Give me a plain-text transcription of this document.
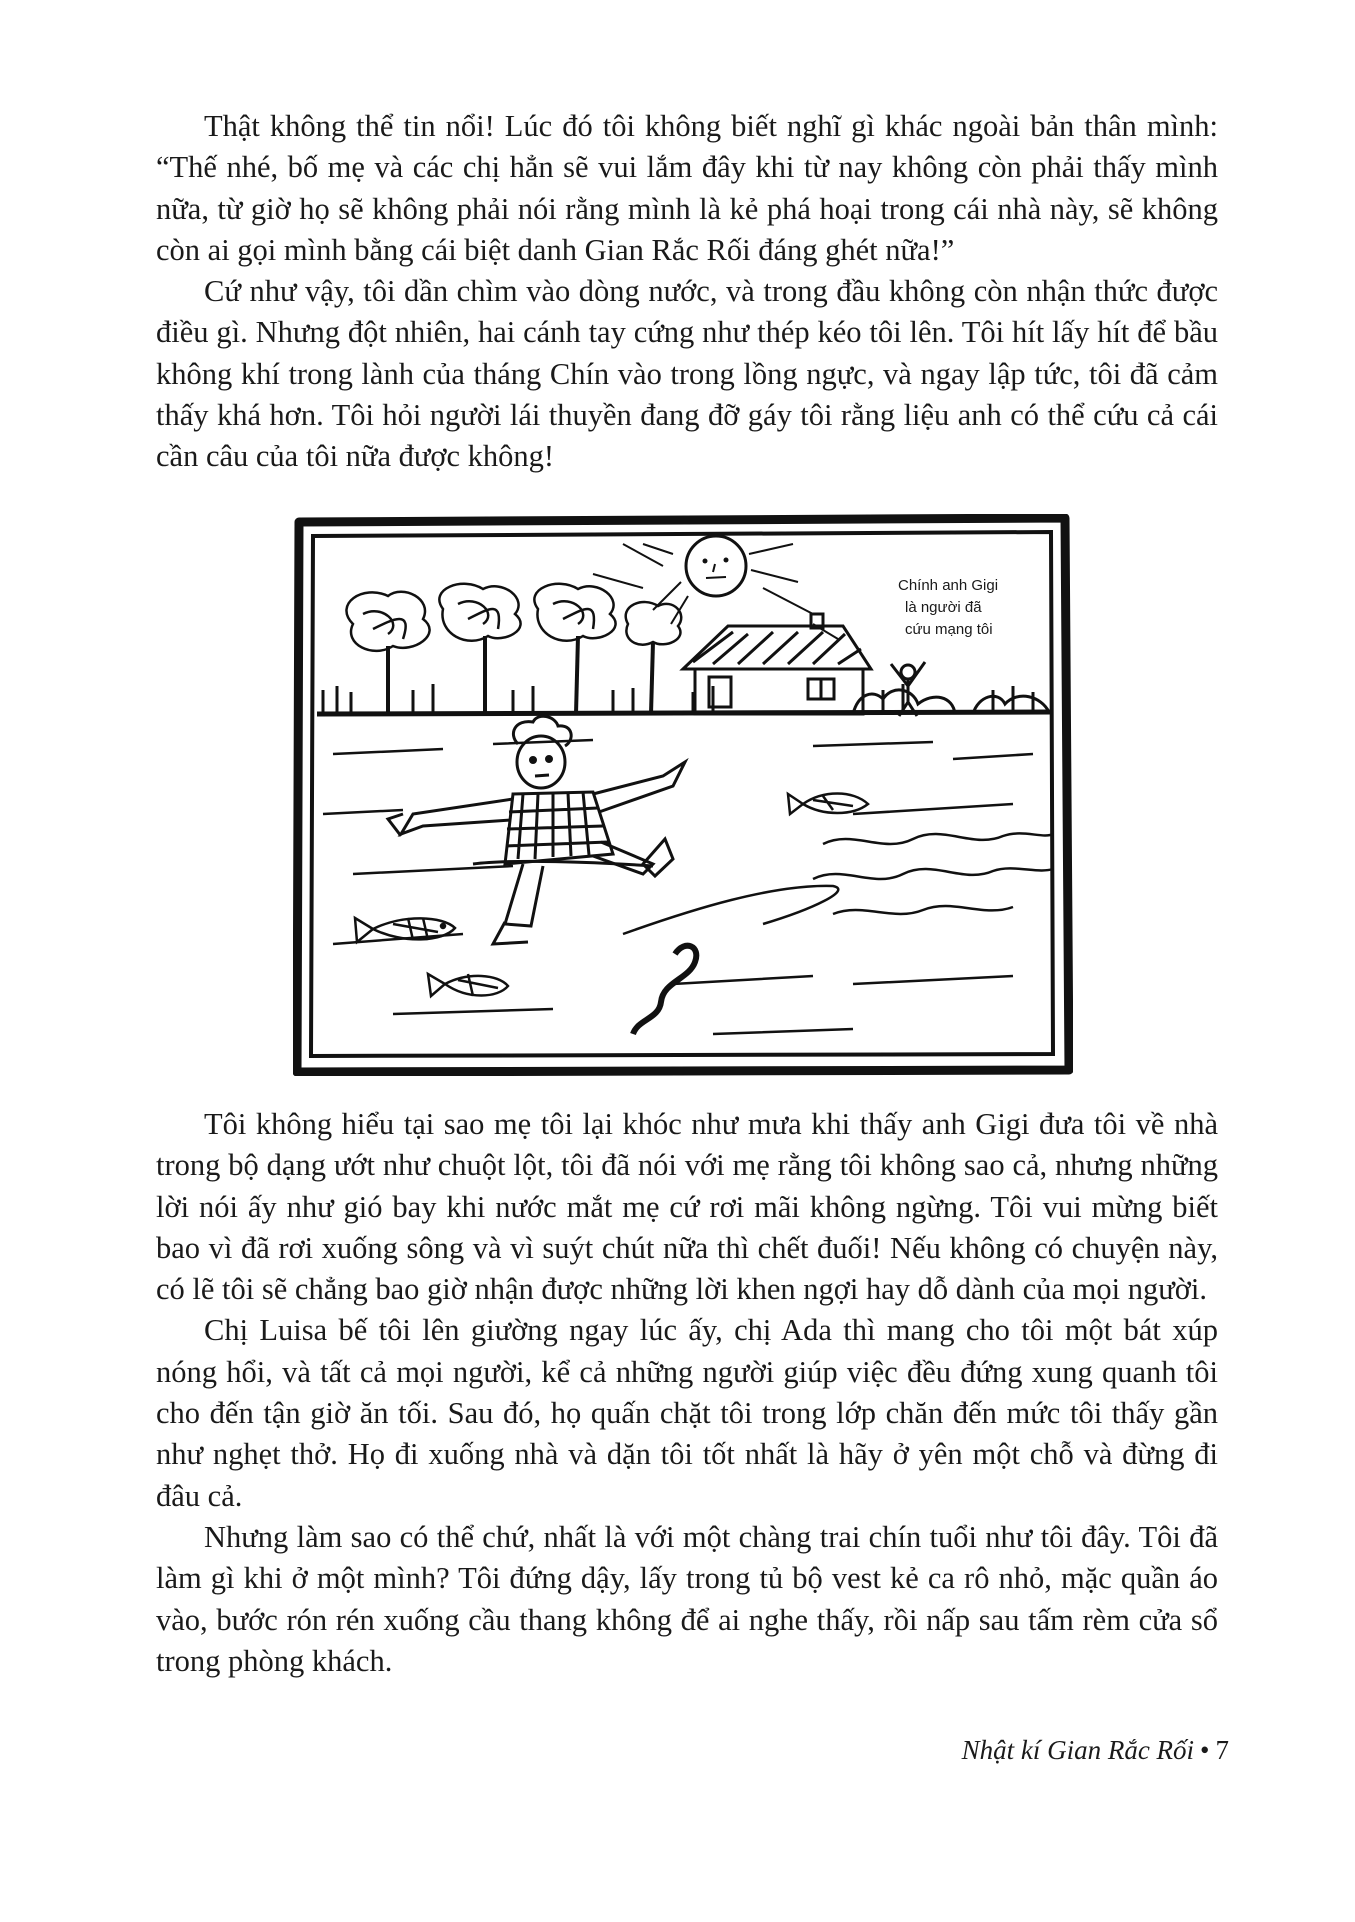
Thật không thể tin nổi! Lúc đó tôi không biết nghĩ gì khác ngoài bản thân mình: “Thế nhé, bố mẹ và các chị hẳn sẽ vui lắm đây khi từ nay không còn phải thấy mình nữa, từ giờ họ sẽ không phải nói rằng mình là kẻ phá hoại trong cái nhà này, sẽ không còn ai gọi mình bằng cái biệt danh Gian Rắc Rối đáng ghét nữa!”

Cứ như vậy, tôi dần chìm vào dòng nước, và trong đầu không còn nhận thức được điều gì. Nhưng đột nhiên, hai cánh tay cứng như thép kéo tôi lên. Tôi hít lấy hít để bầu không khí trong lành của tháng Chín vào trong lồng ngực, và ngay lập tức, tôi đã cảm thấy khá hơn. Tôi hỏi người lái thuyền đang đỡ gáy tôi rằng liệu anh có thể cứu cả cái cần câu của tôi nữa được không!

Chính anh Gigi là người đã cứu mạng tôi

Tôi không hiểu tại sao mẹ tôi lại khóc như mưa khi thấy anh Gigi đưa tôi về nhà trong bộ dạng ướt như chuột lột, tôi đã nói với mẹ rằng tôi không sao cả, nhưng những lời nói ấy như gió bay khi nước mắt mẹ cứ rơi mãi không ngừng. Tôi vui mừng biết bao vì đã rơi xuống sông và vì suýt chút nữa thì chết đuối! Nếu không có chuyện này, có lẽ tôi sẽ chẳng bao giờ nhận được những lời khen ngợi hay dỗ dành của mọi người.

Chị Luisa bế tôi lên giường ngay lúc ấy, chị Ada thì mang cho tôi một bát xúp nóng hổi, và tất cả mọi người, kể cả những người giúp việc đều đứng xung quanh tôi cho đến tận giờ ăn tối. Sau đó, họ quấn chặt tôi trong lớp chăn đến mức tôi thấy gần như nghẹt thở. Họ đi xuống nhà và dặn tôi tốt nhất là hãy ở yên một chỗ và đừng đi đâu cả.

Nhưng làm sao có thể chứ, nhất là với một chàng trai chín tuổi như tôi đây. Tôi đã làm gì khi ở một mình? Tôi đứng dậy, lấy trong tủ bộ vest kẻ ca rô nhỏ, mặc quần áo vào, bước rón rén xuống cầu thang không để ai nghe thấy, rồi nấp sau tấm rèm cửa sổ trong phòng khách.

Nhật kí Gian Rắc Rối • 7
